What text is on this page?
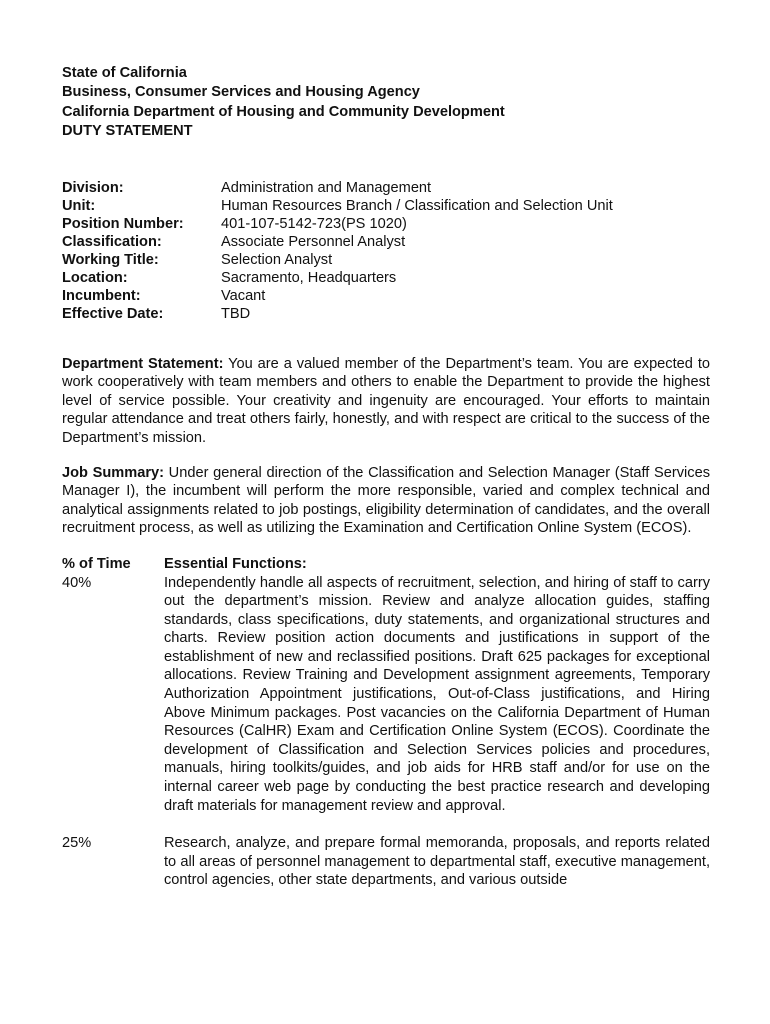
State of California

Business, Consumer Services and Housing Agency

California Department of Housing and Community Development

DUTY STATEMENT

Division:	Administration and Management
Unit:	Human Resources Branch / Classification and Selection Unit
Position Number:	401-107-5142-723(PS 1020)
Classification:	Associate Personnel Analyst
Working Title:	Selection Analyst
Location:	Sacramento, Headquarters
Incumbent:	Vacant
Effective Date:	TBD
Department Statement: You are a valued member of the Department’s team. You are expected to work cooperatively with team members and others to enable the Department to provide the highest level of service possible. Your creativity and ingenuity are encouraged. Your efforts to maintain regular attendance and treat others fairly, honestly, and with respect are critical to the success of the Department’s mission.
Job Summary: Under general direction of the Classification and Selection Manager (Staff Services Manager I), the incumbent will perform the more responsible, varied and complex technical and analytical assignments related to job postings, eligibility determination of candidates, and the overall recruitment process, as well as utilizing the Examination and Certification Online System (ECOS).
% of Time	Essential Functions:
40%	Independently handle all aspects of recruitment, selection, and hiring of staff to carry out the department’s mission. Review and analyze allocation guides, staffing standards, class specifications, duty statements, and organizational structures and charts. Review position action documents and justifications in support of the establishment of new and reclassified positions. Draft 625 packages for exceptional allocations. Review Training and Development assignment agreements, Temporary Authorization Appointment justifications, Out-of-Class justifications, and Hiring Above Minimum packages. Post vacancies on the California Department of Human Resources (CalHR) Exam and Certification Online System (ECOS). Coordinate the development of Classification and Selection Services policies and procedures, manuals, hiring toolkits/guides, and job aids for HRB staff and/or for use on the internal career web page by conducting the best practice research and developing draft materials for management review and approval.
25%	Research, analyze, and prepare formal memoranda, proposals, and reports related to all areas of personnel management to departmental staff, executive management, control agencies, other state departments, and various outside
